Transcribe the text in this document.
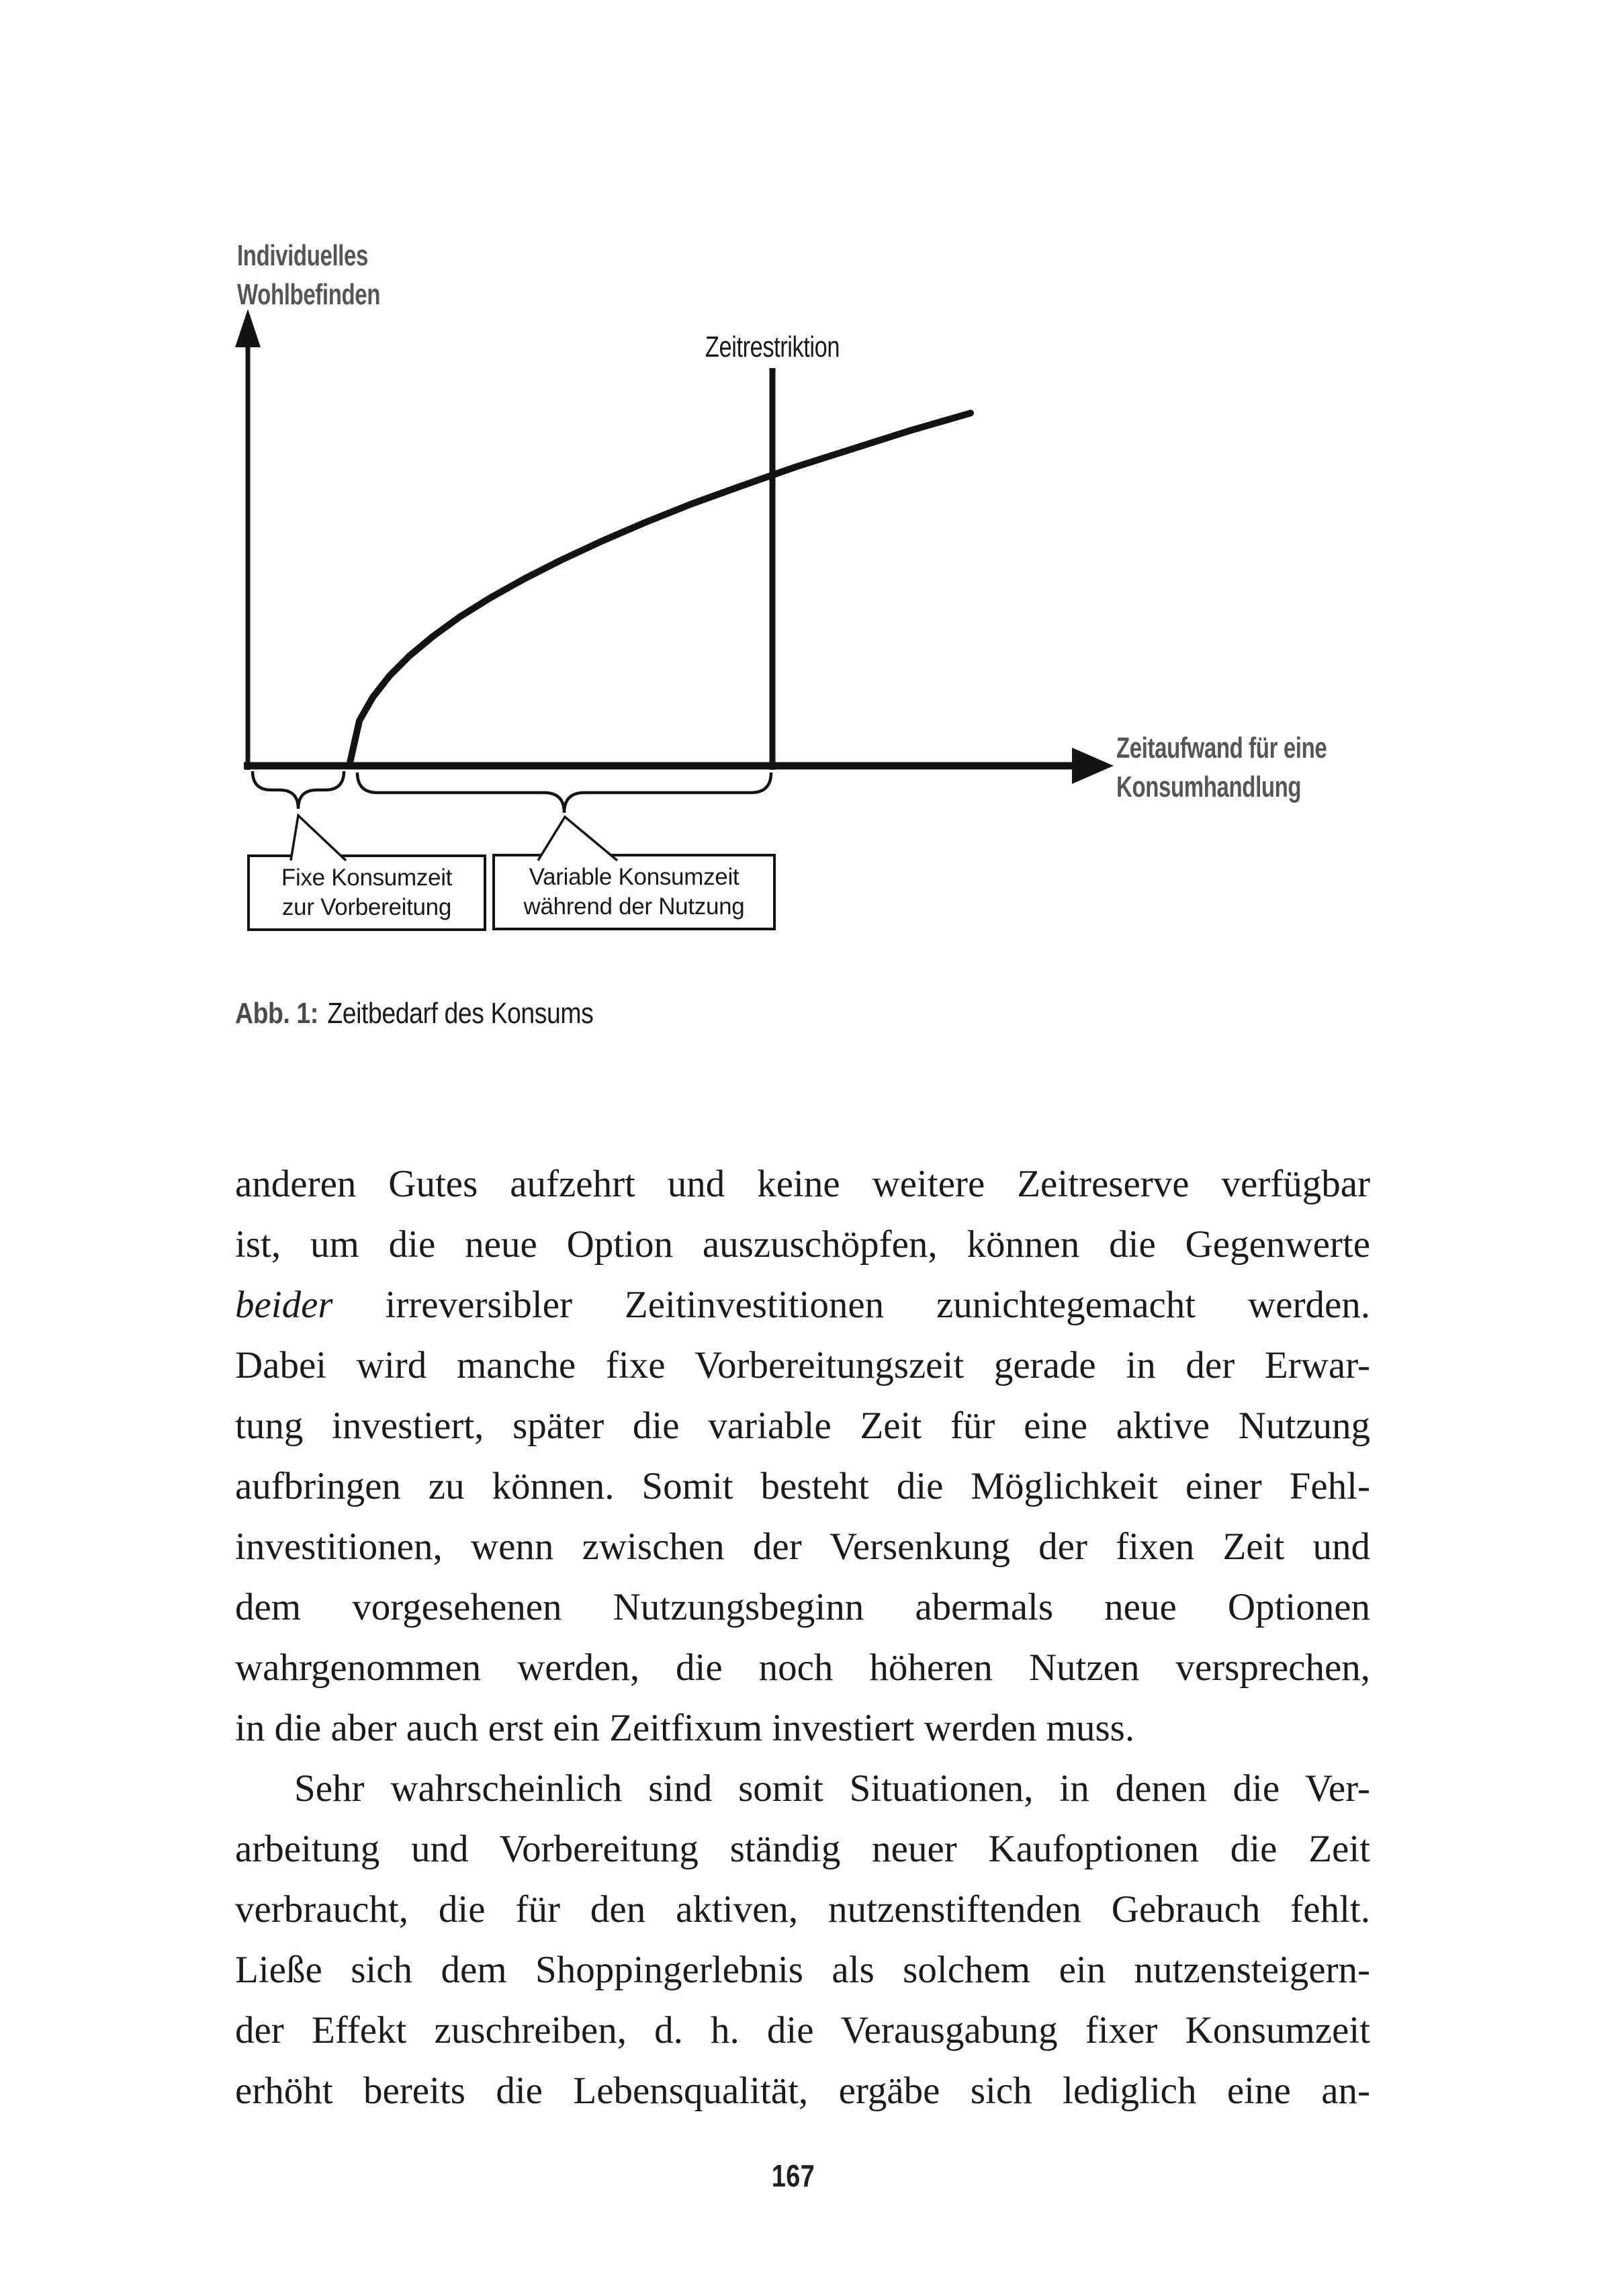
Individuelles
Wohlbefinden
Zeitrestriktion
Zeitaufwand für eine
Konsumhandlung
Fixe Konsumzeit
zur Vorbereitung
Variable Konsumzeit
während der Nutzung
Abb. 1: Zeitbedarf des Konsums
anderen Gutes aufzehrt und keine weitere Zeitreserve verfügbar
ist, um die neue Option auszuschöpfen, können die Gegenwerte
beider irreversibler Zeitinvestitionen zunichtegemacht werden.
Dabei wird manche fixe Vorbereitungszeit gerade in der Erwar-
tung investiert, später die variable Zeit für eine aktive Nutzung
aufbringen zu können. Somit besteht die Möglichkeit einer Fehl-
investitionen, wenn zwischen der Versenkung der fixen Zeit und
dem vorgesehenen Nutzungsbeginn abermals neue Optionen
wahrgenommen werden, die noch höheren Nutzen versprechen,
in die aber auch erst ein Zeitfixum investiert werden muss.
Sehr wahrscheinlich sind somit Situationen, in denen die Ver-
arbeitung und Vorbereitung ständig neuer Kaufoptionen die Zeit
verbraucht, die für den aktiven, nutzenstiftenden Gebrauch fehlt.
Ließe sich dem Shoppingerlebnis als solchem ein nutzensteigern-
der Effekt zuschreiben, d. h. die Verausgabung fixer Konsumzeit
erhöht bereits die Lebensqualität, ergäbe sich lediglich eine an-
167
